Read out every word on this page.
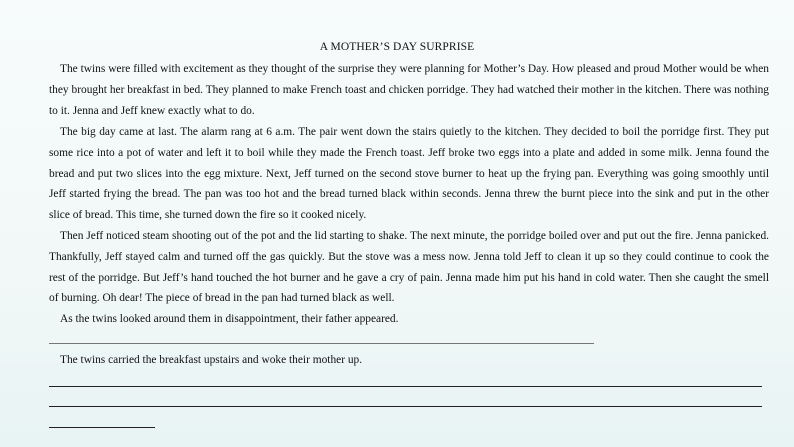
A MOTHER’S DAY SURPRISE

The twins were filled with excitement as they thought of the surprise they were planning for Mother’s Day. How pleased and proud Mother would be when they brought her breakfast in bed. They planned to make French toast and chicken porridge. They had watched their mother in the kitchen. There was nothing to it. Jenna and Jeff knew exactly what to do.

The big day came at last. The alarm rang at 6 a.m. The pair went down the stairs quietly to the kitchen. They decided to boil the porridge first. They put some rice into a pot of water and left it to boil while they made the French toast. Jeff broke two eggs into a plate and added in some milk. Jenna found the bread and put two slices into the egg mixture. Next, Jeff turned on the second stove burner to heat up the frying pan. Everything was going smoothly until Jeff started frying the bread. The pan was too hot and the bread turned black within seconds. Jenna threw the burnt piece into the sink and put in the other slice of bread. This time, she turned down the fire so it cooked nicely.

Then Jeff noticed steam shooting out of the pot and the lid starting to shake. The next minute, the porridge boiled over and put out the fire. Jenna panicked. Thankfully, Jeff stayed calm and turned off the gas quickly. But the stove was a mess now. Jenna told Jeff to clean it up so they could continue to cook the rest of the porridge. But Jeff’s hand touched the hot burner and he gave a cry of pain. Jenna made him put his hand in cold water. Then she caught the smell of burning. Oh dear! The piece of bread in the pan had turned black as well.

As the twins looked around them in disappointment, their father appeared.

The twins carried the breakfast upstairs and woke their mother up.
